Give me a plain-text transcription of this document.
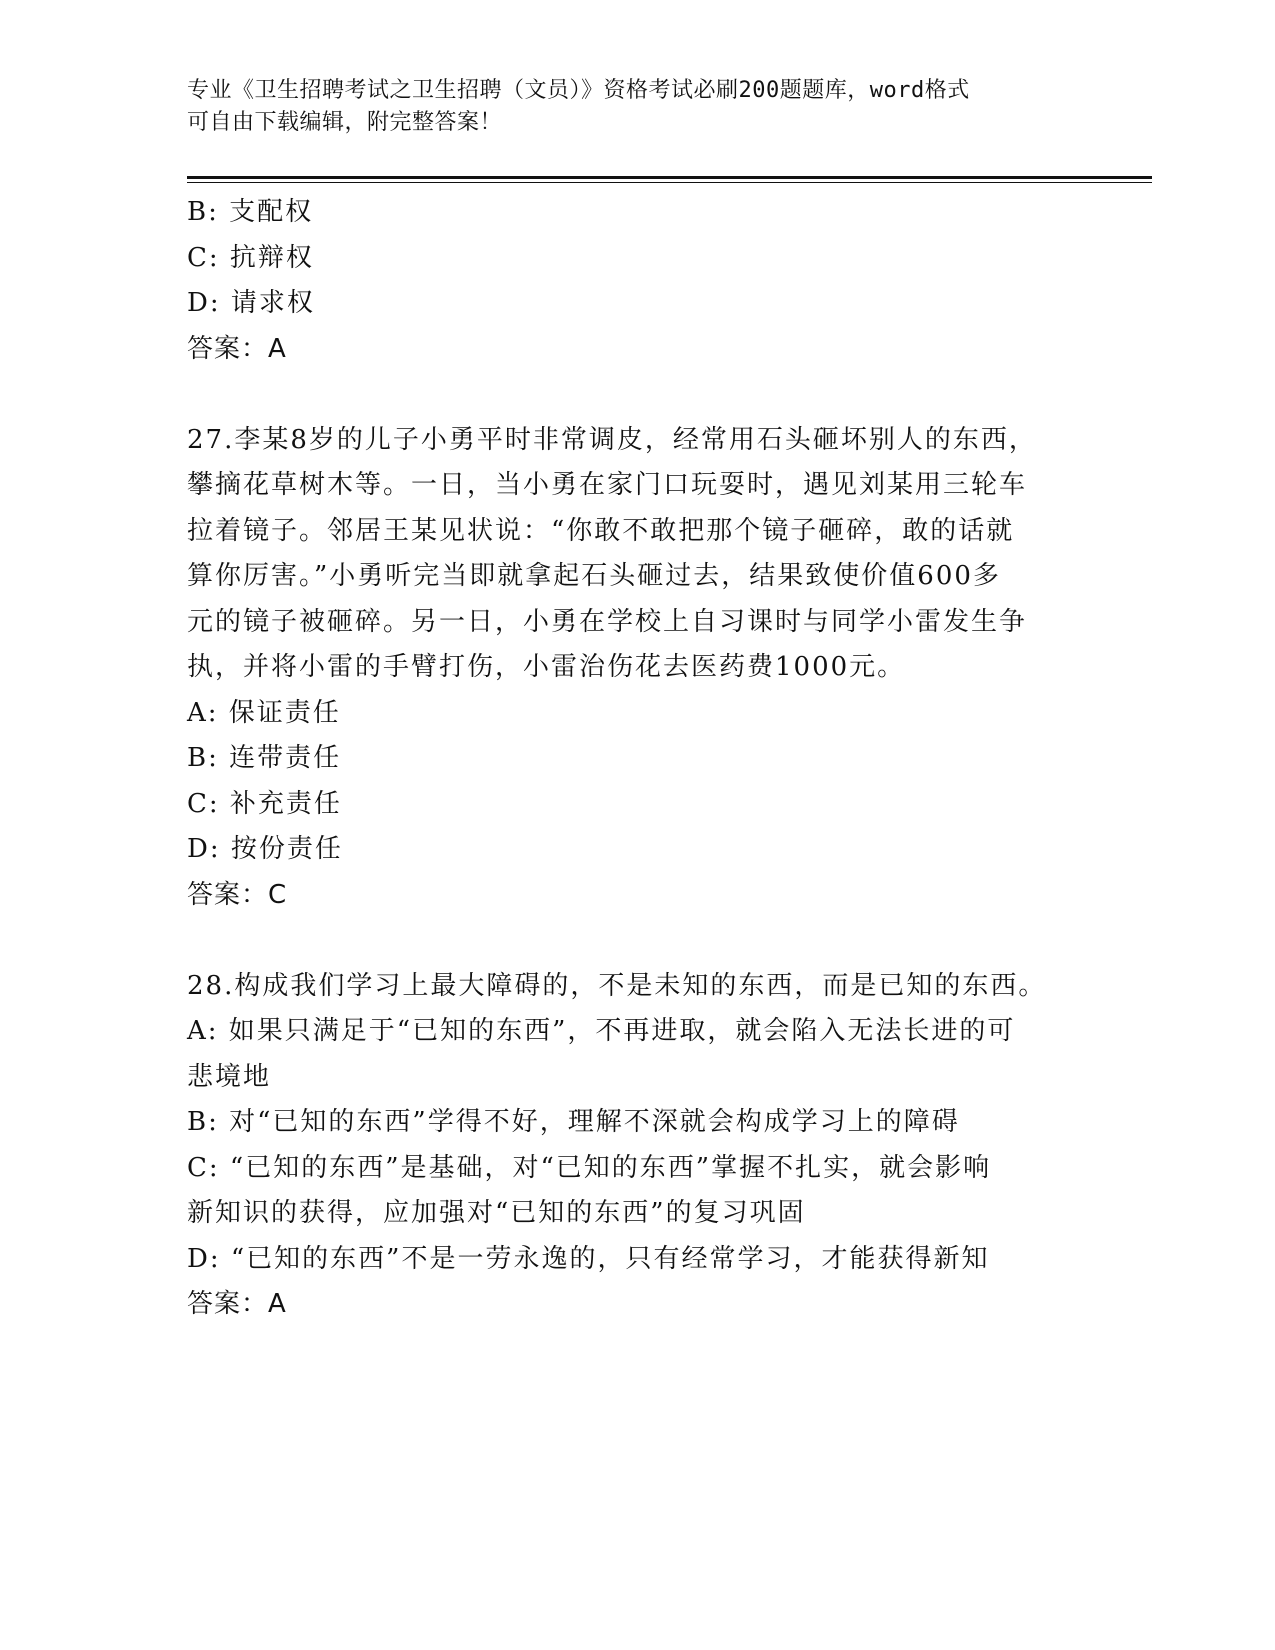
专业《卫生招聘考试之卫生招聘（文员）》资格考试必刷200题题库，word格式

可自由下载编辑，附完整答案！

B: 支配权

C: 抗辩权

D: 请求权

答案：A

27.李某8岁的儿子小勇平时非常调皮，经常用石头砸坏别人的东西，

攀摘花草树木等。一日，当小勇在家门口玩耍时，遇见刘某用三轮车

拉着镜子。邻居王某见状说：“你敢不敢把那个镜子砸碎，敢的话就

算你厉害。”小勇听完当即就拿起石头砸过去，结果致使价值600多

元的镜子被砸碎。另一日，小勇在学校上自习课时与同学小雷发生争

执，并将小雷的手臂打伤，小雷治伤花去医药费1000元。

A: 保证责任

B: 连带责任

C: 补充责任

D: 按份责任

答案：C

28.构成我们学习上最大障碍的，不是未知的东西，而是已知的东西。

A: 如果只满足于“已知的东西”，不再进取，就会陷入无法长进的可

悲境地

B: 对“已知的东西”学得不好，理解不深就会构成学习上的障碍

C: “已知的东西”是基础，对“已知的东西”掌握不扎实，就会影响

新知识的获得，应加强对“已知的东西”的复习巩固

D: “已知的东西”不是一劳永逸的，只有经常学习，才能获得新知

答案：A
